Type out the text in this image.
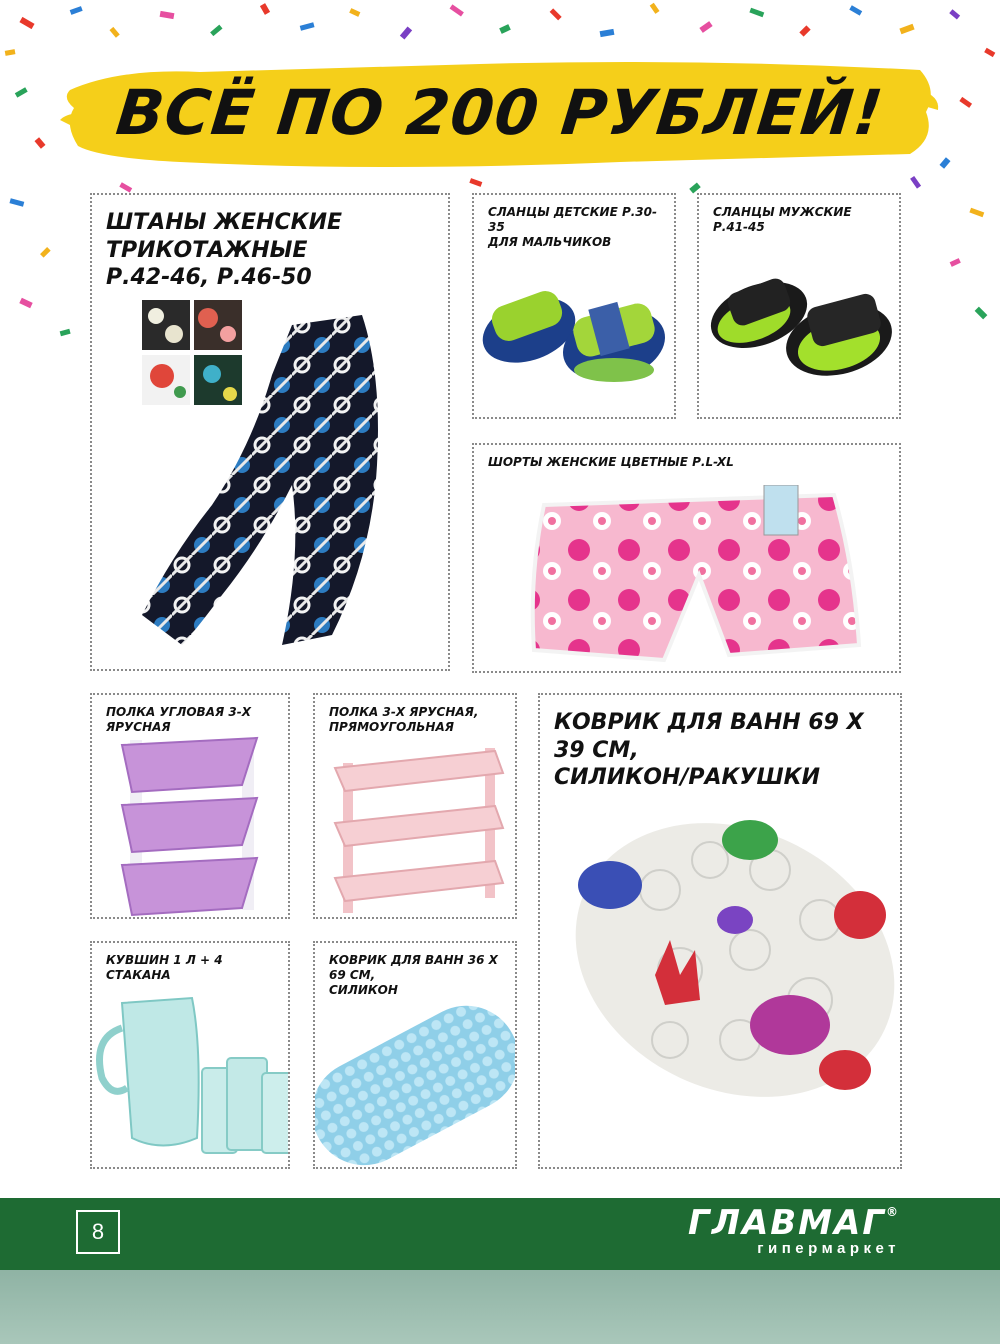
ВСЁ ПО 200 РУБЛЕЙ!
ШТАНЫ ЖЕНСКИЕ ТРИКОТАЖНЫЕ
Р.42-46, Р.46-50
СЛАНЦЫ ДЕТСКИЕ Р.30-35
ДЛЯ МАЛЬЧИКОВ
СЛАНЦЫ МУЖСКИЕ Р.41-45
ШОРТЫ ЖЕНСКИЕ ЦВЕТНЫЕ Р.L-XL
ПОЛКА УГЛОВАЯ 3-Х ЯРУСНАЯ
ПОЛКА 3-Х ЯРУСНАЯ,
ПРЯМОУГОЛЬНАЯ	КОВРИК ДЛЯ ВАНН 69 Х 39 СМ,
СИЛИКОН/РАКУШКИ
КУВШИН 1 Л + 4 СТАКАНА
КОВРИК ДЛЯ ВАНН 36 Х 69 СМ,
СИЛИКОН
8	ГЛАВМАГ®
гипермаркет
